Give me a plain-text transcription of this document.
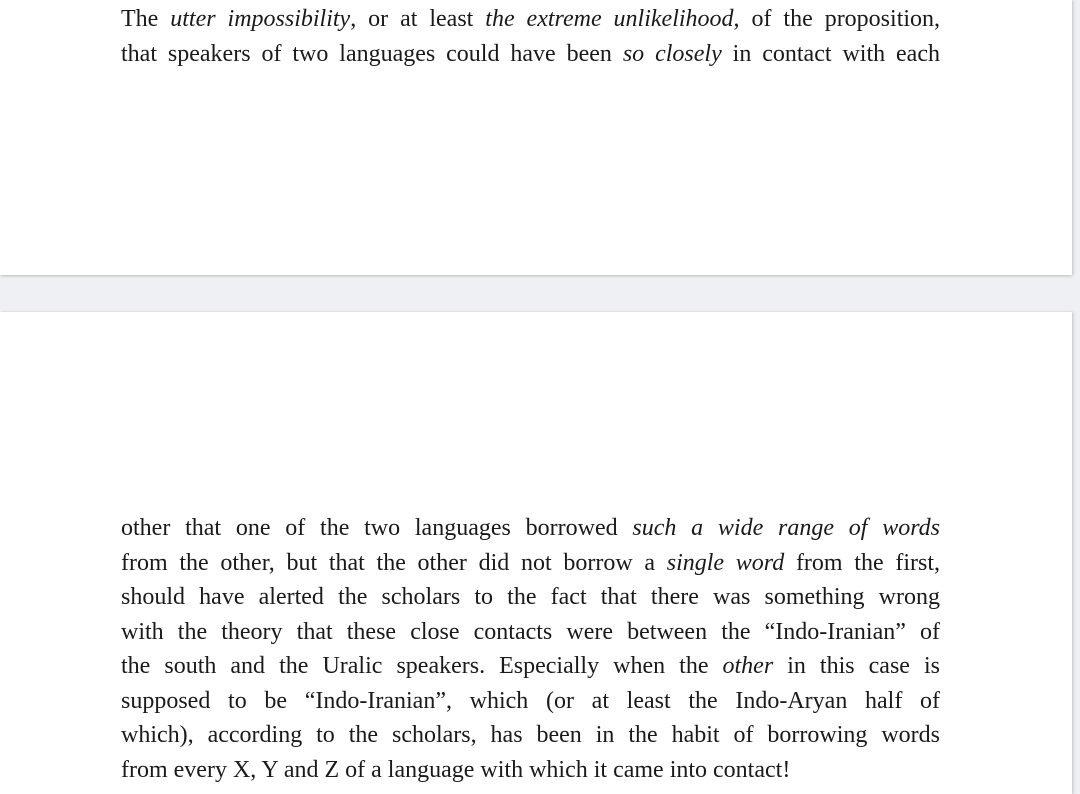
The utter impossibility, or at least the extreme unlikelihood, of the proposition,
that speakers of two languages could have been so closely in contact with each
other that one of the two languages borrowed such a wide range of words
from the other, but that the other did not borrow a single word from the first,
should have alerted the scholars to the fact that there was something wrong
with the theory that these close contacts were between the “Indo-Iranian” of
the south and the Uralic speakers. Especially when the other in this case is
supposed to be “Indo-Iranian”, which (or at least the Indo-Aryan half of
which), according to the scholars, has been in the habit of borrowing words
from every X, Y and Z of a language with which it came into contact!
